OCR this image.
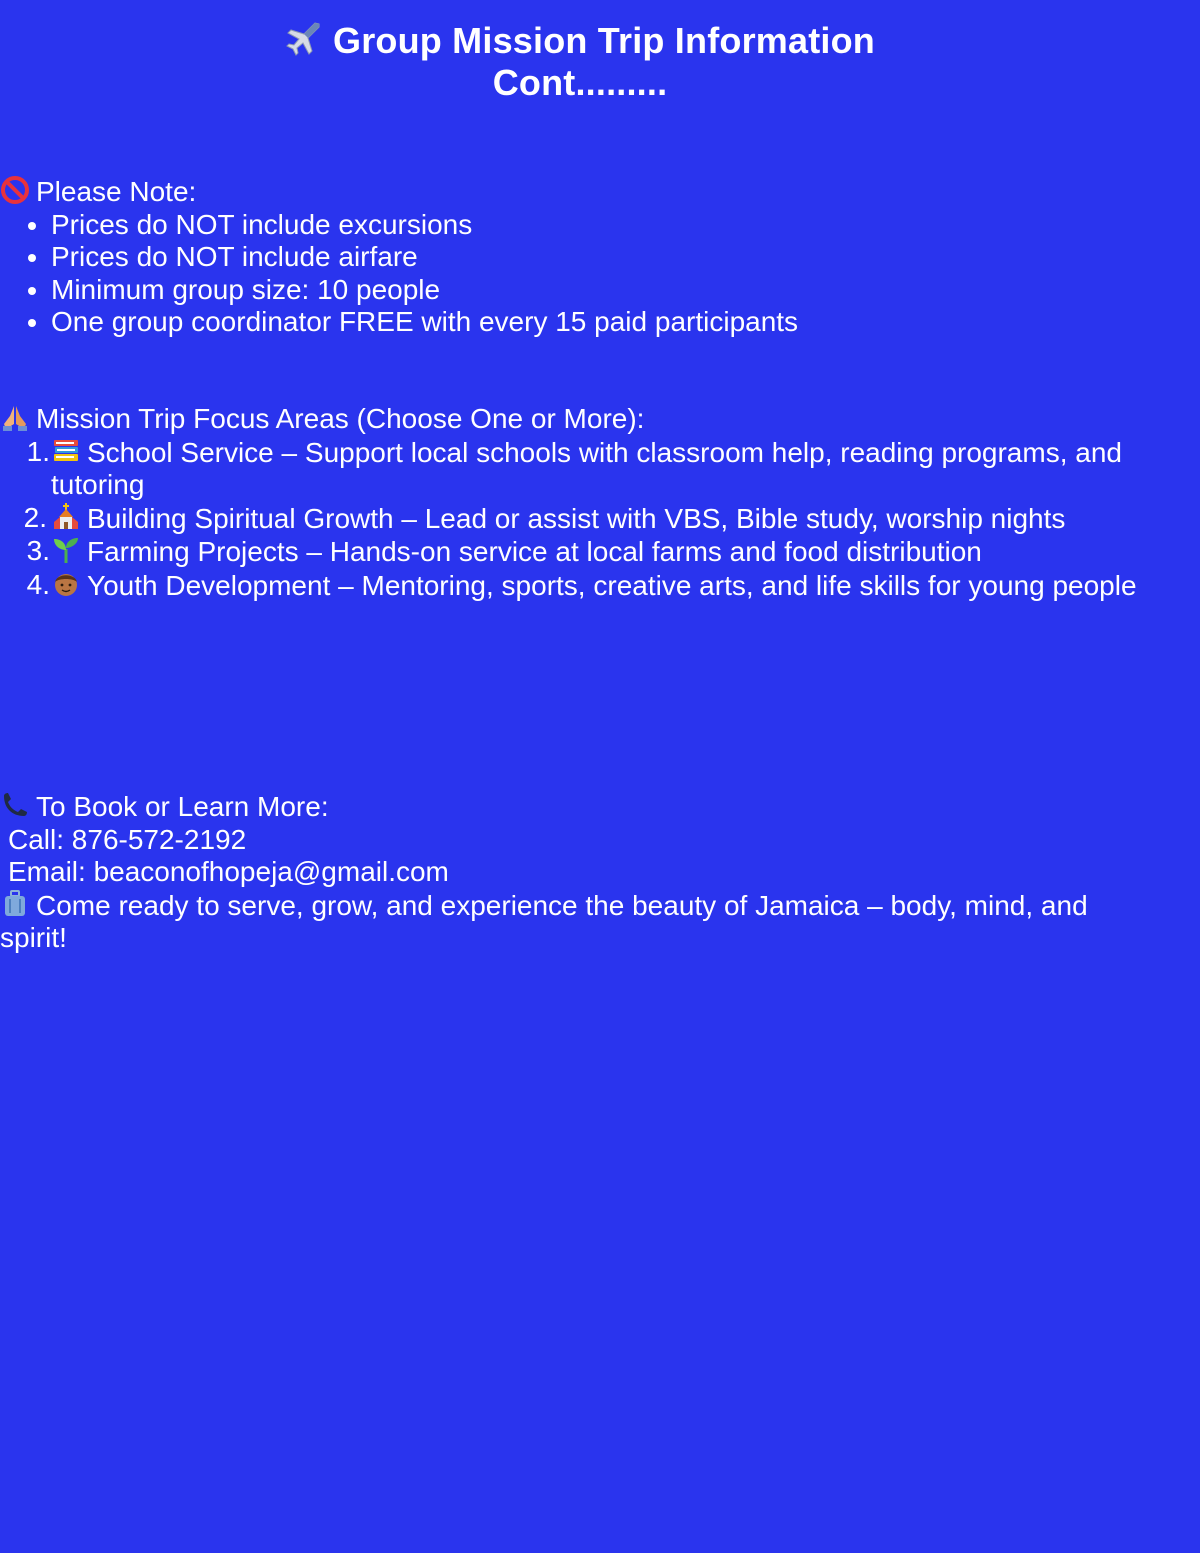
Group Mission Trip Information
Cont.........
Please Note:
• Prices do NOT include excursions
• Prices do NOT include airfare
• Minimum group size: 10 people
• One group coordinator FREE with every 15 paid participants
Mission Trip Focus Areas (Choose One or More):
1. School Service – Support local schools with classroom help, reading programs, and tutoring
2. Building Spiritual Growth – Lead or assist with VBS, Bible study, worship nights
3. Farming Projects – Hands-on service at local farms and food distribution
4. Youth Development – Mentoring, sports, creative arts, and life skills for young people
To Book or Learn More:
Call: 876-572-2192
Email: beaconofhopeja@gmail.com
Come ready to serve, grow, and experience the beauty of Jamaica – body, mind, and spirit!
